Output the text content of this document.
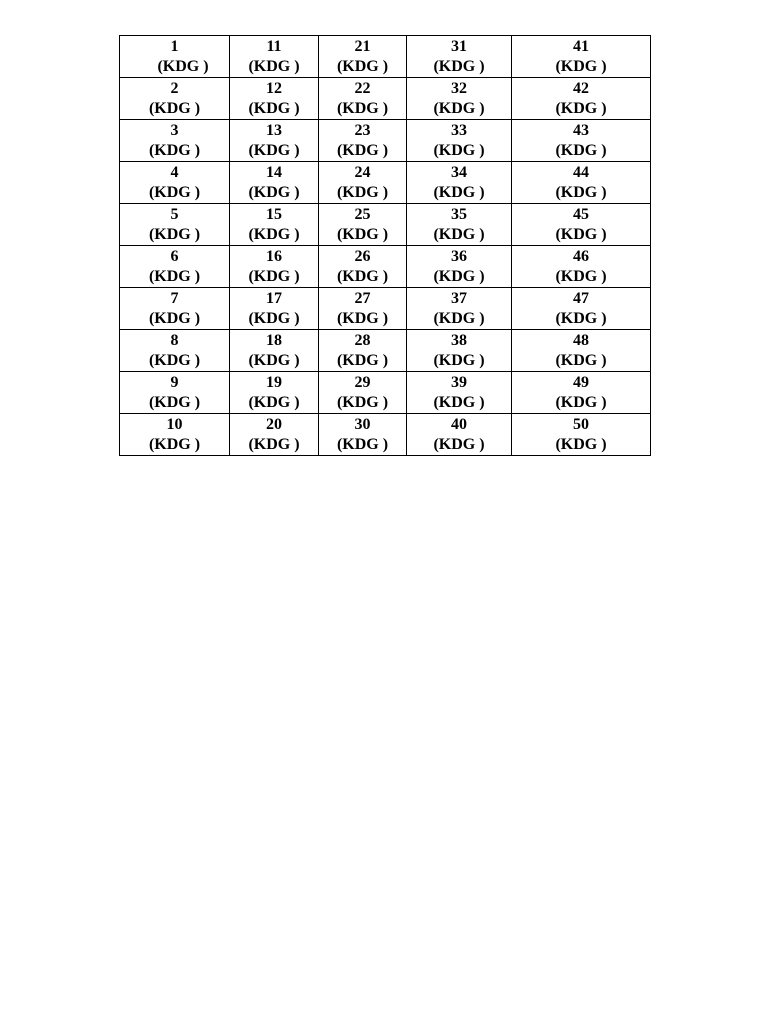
1
(KDG )	11
(KDG )	21
(KDG )	31
(KDG )	41
(KDG )

2
(KDG )	12
(KDG )	22
(KDG )	32
(KDG )	42
(KDG )

3
(KDG )	13
(KDG )	23
(KDG )	33
(KDG )	43
(KDG )

4
(KDG )	14
(KDG )	24
(KDG )	34
(KDG )	44
(KDG )

5
(KDG )	15
(KDG )	25
(KDG )	35
(KDG )	45
(KDG )

6
(KDG )	16
(KDG )	26
(KDG )	36
(KDG )	46
(KDG )

7
(KDG )	17
(KDG )	27
(KDG )	37
(KDG )	47
(KDG )

8
(KDG )	18
(KDG )	28
(KDG )	38
(KDG )	48
(KDG )

9
(KDG )	19
(KDG )	29
(KDG )	39
(KDG )	49
(KDG )

10
(KDG )	20
(KDG )	30
(KDG )	40
(KDG )	50
(KDG )
